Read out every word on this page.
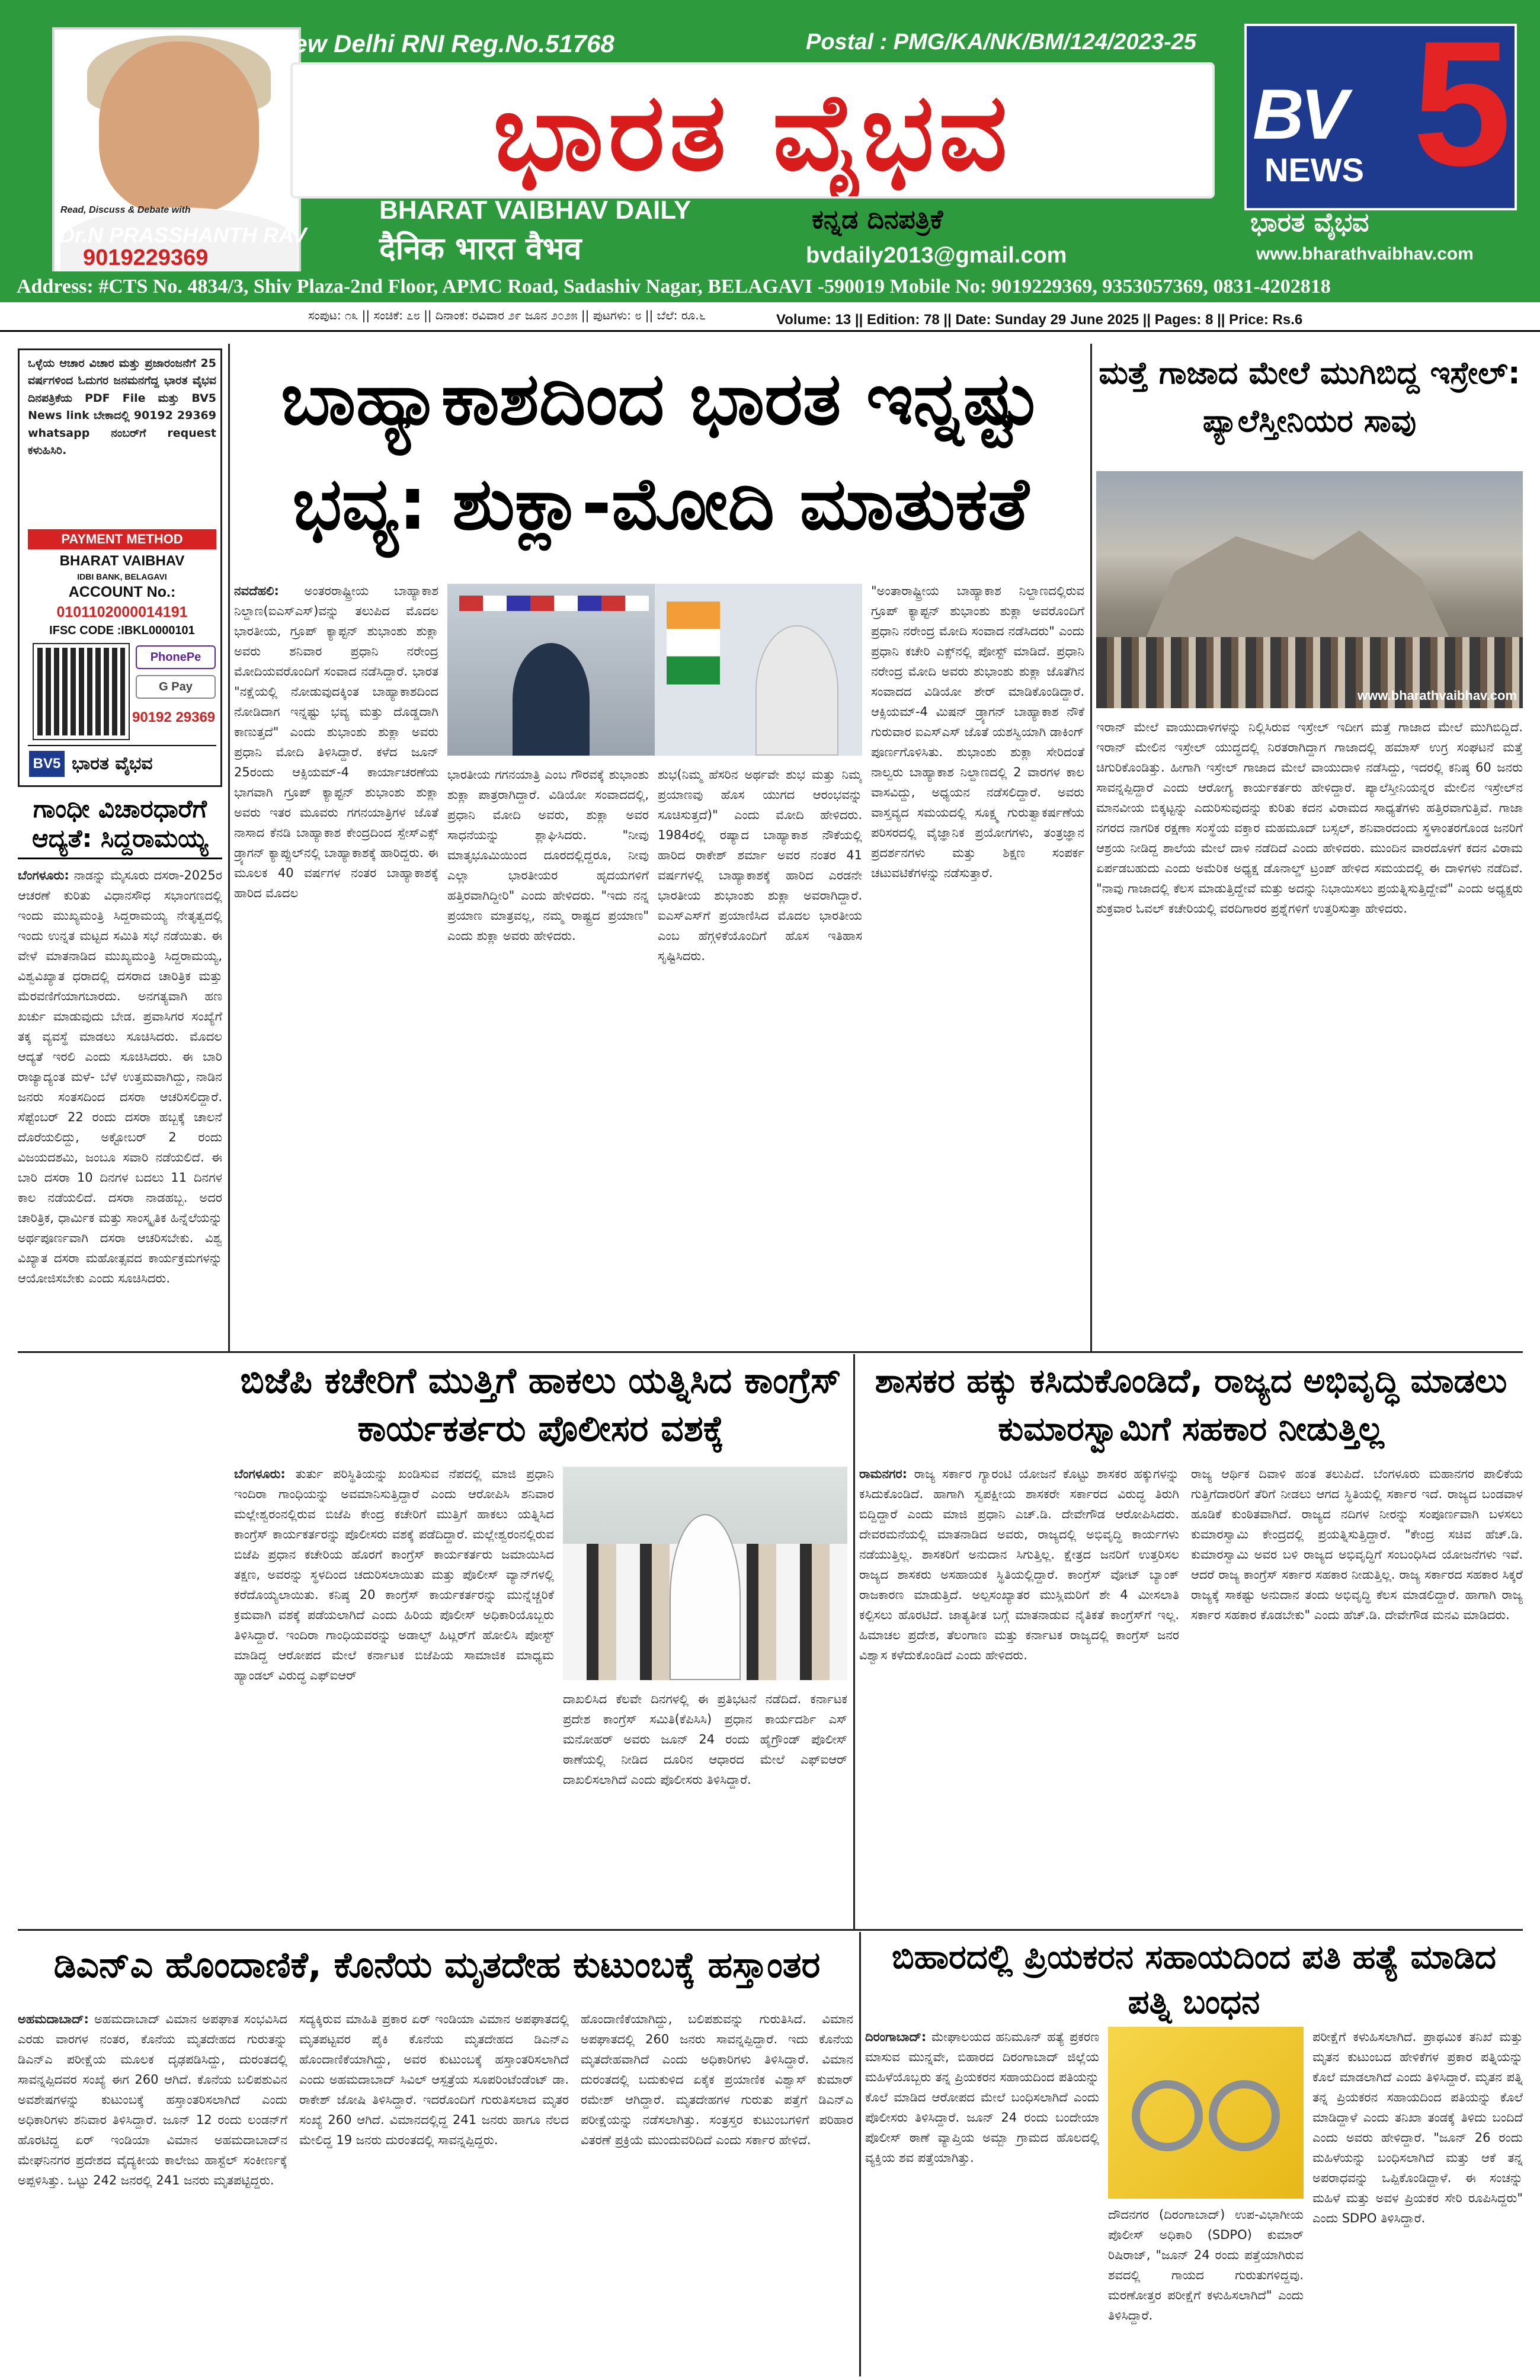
Read, Discuss & Debate with
Dr.N PRASSHANTH RAV
9019229369
New Delhi RNI Reg.No.51768	Postal : PMG/KA/NK/BM/124/2023-25
ಭಾರತ ವೈಭವ
BHARAT VAIBHAV DAILY
दैनिक भारत वैभव
ಕನ್ನಡ ದಿನಪತ್ರಿಕೆ
bvdaily2013@gmail.com
5
BV
NEWS
ಭಾರತ ವೈಭವ
www.bharathvaibhav.com
Address: #CTS No. 4834/3, Shiv Plaza-2nd Floor, APMC Road, Sadashiv Nagar, BELAGAVI -590019 Mobile No: 9019229369, 9353057369, 0831-4202818
ಸಂಪುಟ: ೧೩ || ಸಂಚಿಕೆ: ೭೮ || ದಿನಾಂಕ: ರವಿವಾರ ೨೯ ಜೂನ ೨೦೨೫ || ಪುಟಗಳು: ೮ || ಬೆಲೆ: ರೂ.೬	Volume: 13 || Edition: 78 || Date: Sunday 29 June 2025 || Pages: 8 || Price: Rs.6
ಒಳ್ಳೆಯ ಆಚಾರ ವಿಚಾರ ಮತ್ತು ಪ್ರಜಾರಂಜನೆಗೆ 25 ವರ್ಷಗಳಿಂದ ಓದುಗರ ಜನಮನಗೆದ್ದ ಭಾರತ ವೈಭವ ದಿನಪತ್ರಿಕೆಯ PDF File ಮತ್ತು BV5 News link ಬೇಕಾದಲ್ಲಿ 90192 29369 whatsapp ನಂಬರ್‌ಗೆ request ಕಳುಹಿಸಿರಿ.
PAYMENT METHOD
BHARAT VAIBHAV
IDBI BANK, BELAGAVI
ACCOUNT No.:
0101102000014191
IFSC CODE :IBKL0000101
PhonePe
G Pay
90192 29369
BV5 ಭಾರತ ವೈಭವ
ಗಾಂಧೀ ವಿಚಾರಧಾರೆಗೆ ಆದ್ಯತೆ: ಸಿದ್ದರಾಮಯ್ಯ
ಬೆಂಗಳೂರು: ನಾಡನ್ನು ಮೈಸೂರು ದಸರಾ-2025ರ ಆಚರಣೆ ಕುರಿತು ವಿಧಾನಸೌಧ ಸಭಾಂಗಣದಲ್ಲಿ ಇಂದು ಮುಖ್ಯಮಂತ್ರಿ ಸಿದ್ದರಾಮಯ್ಯ ನೇತೃತ್ವದಲ್ಲಿ ಇಂದು ಉನ್ನತ ಮಟ್ಟದ ಸಮಿತಿ ಸಭೆ ನಡೆಯಿತು. ಈ ವೇಳೆ ಮಾತನಾಡಿದ ಮುಖ್ಯಮಂತ್ರಿ ಸಿದ್ದರಾಮಯ್ಯ, ವಿಶ್ವವಿಖ್ಯಾತ ಧರಾದಲ್ಲಿ ದಸರಾದ ಚಾರಿತ್ರಿಕ ಮತ್ತು ಮೆರವಣಿಗೆಯಾಗಬಾರದು. ಅನಗತ್ಯವಾಗಿ ಹಣ ಖರ್ಚು ಮಾಡುವುದು ಬೇಡ. ಪ್ರವಾಸಿಗರ ಸಂಖ್ಯೆಗೆ ತಕ್ಕ ವ್ಯವಸ್ಥೆ ಮಾಡಲು ಸೂಚಿಸಿದರು. ಮೊದಲ ಆದ್ಯತೆ ಇರಲಿ ಎಂದು ಸೂಚಿಸಿದರು. ಈ ಬಾರಿ ರಾಜ್ಯಾದ್ಯಂತ ಮಳೆ- ಬೆಳೆ ಉತ್ತಮವಾಗಿದ್ದು, ನಾಡಿನ ಜನರು ಸಂತಸದಿಂದ ದಸರಾ ಆಚರಿಸಲಿದ್ದಾರೆ. ಸೆಪ್ಟೆಂಬರ್ 22 ರಂದು ದಸರಾ ಹಬ್ಬಕ್ಕೆ ಚಾಲನೆ ದೊರೆಯಲಿದ್ದು, ಅಕ್ಟೋಬರ್ 2 ರಂದು ವಿಜಯದಶಮಿ, ಜಂಬೂ ಸವಾರಿ ನಡೆಯಲಿದೆ. ಈ ಬಾರಿ ದಸರಾ 10 ದಿನಗಳ ಬದಲು 11 ದಿನಗಳ ಕಾಲ ನಡೆಯಲಿದೆ. ದಸರಾ ನಾಡಹಬ್ಬ. ಅದರ ಚಾರಿತ್ರಿಕ, ಧಾರ್ಮಿಕ ಮತ್ತು ಸಾಂಸ್ಕೃತಿಕ ಹಿನ್ನೆಲೆಯನ್ನು ಅರ್ಥಪೂರ್ಣವಾಗಿ ದಸರಾ ಆಚರಿಸಬೇಕು. ವಿಶ್ವ ವಿಖ್ಯಾತ ದಸರಾ ಮಹೋತ್ಸವದ ಕಾರ್ಯಕ್ರಮಗಳನ್ನು ಆಯೋಜಿಸಬೇಕು ಎಂದು ಸೂಚಿಸಿದರು.
ಬಾಹ್ಯಾಕಾಶದಿಂದ ಭಾರತ ಇನ್ನಷ್ಟು ಭವ್ಯ: ಶುಕ್ಲಾ-ಮೋದಿ ಮಾತುಕತೆ
ನವದೆಹಲಿ: ಅಂತರರಾಷ್ಟ್ರೀಯ ಬಾಹ್ಯಾಕಾಶ ನಿಲ್ದಾಣ(ಐಎಸ್‌ಎಸ್)ವನ್ನು ತಲುಪಿದ ಮೊದಲ ಭಾರತೀಯ, ಗ್ರೂಪ್ ಕ್ಯಾಪ್ಟನ್ ಶುಭಾಂಶು ಶುಕ್ಲಾ ಅವರು ಶನಿವಾರ ಪ್ರಧಾನಿ ನರೇಂದ್ರ ಮೋದಿಯವರೊಂದಿಗೆ ಸಂವಾದ ನಡೆಸಿದ್ದಾರೆ. ಭಾರತ "ನಕ್ಷೆಯಲ್ಲಿ ನೋಡುವುದಕ್ಕಿಂತ ಬಾಹ್ಯಾಕಾಶದಿಂದ ನೋಡಿದಾಗ ಇನ್ನಷ್ಟು ಭವ್ಯ ಮತ್ತು ದೊಡ್ಡದಾಗಿ ಕಾಣುತ್ತದೆ" ಎಂದು ಶುಭಾಂಶು ಶುಕ್ಲಾ ಅವರು ಪ್ರಧಾನಿ ಮೋದಿ ತಿಳಿಸಿದ್ದಾರೆ. ಕಳೆದ ಜೂನ್ 25ರಂದು ಆಕ್ಸಿಯಮ್-4 ಕಾರ್ಯಾಚರಣೆಯ ಭಾಗವಾಗಿ ಗ್ರೂಪ್ ಕ್ಯಾಪ್ಟನ್ ಶುಭಾಂಶು ಶುಕ್ಲಾ ಅವರು ಇತರ ಮೂವರು ಗಗನಯಾತ್ರಿಗಳ ಜೊತೆ ನಾಸಾದ ಕೆನಡಿ ಬಾಹ್ಯಾಕಾಶ ಕೇಂದ್ರದಿಂದ ಸ್ಪೇಸ್‌ಎಕ್ಸ್ ಡ್ರ್ಯಾಗನ್ ಕ್ಯಾಪ್ಸುಲ್‌ನಲ್ಲಿ ಬಾಹ್ಯಾಕಾಶಕ್ಕೆ ಹಾರಿದ್ದರು. ಈ ಮೂಲಕ 40 ವರ್ಷಗಳ ನಂತರ ಬಾಹ್ಯಾಕಾಶಕ್ಕೆ ಹಾರಿದ ಮೊದಲ
ಭಾರತೀಯ ಗಗನಯಾತ್ರಿ ಎಂಬ ಗೌರವಕ್ಕೆ ಶುಭಾಂಶು ಶುಕ್ಲಾ ಪಾತ್ರರಾಗಿದ್ದಾರೆ. ವಿಡಿಯೋ ಸಂವಾದದಲ್ಲಿ, ಪ್ರಧಾನಿ ಮೋದಿ ಅವರು, ಶುಕ್ಲಾ ಅವರ ಸಾಧನೆಯನ್ನು ಶ್ಲಾಘಿಸಿದರು. "ನೀವು ಮಾತೃಭೂಮಿಯಿಂದ ದೂರದಲ್ಲಿದ್ದರೂ, ನೀವು ಎಲ್ಲಾ ಭಾರತೀಯರ ಹೃದಯಗಳಿಗೆ ಹತ್ತಿರವಾಗಿದ್ದೀರಿ" ಎಂದು ಹೇಳಿದರು. "ಇದು ನನ್ನ ಪ್ರಯಾಣ ಮಾತ್ರವಲ್ಲ, ನಮ್ಮ ರಾಷ್ಟ್ರದ ಪ್ರಯಾಣ" ಎಂದು ಶುಕ್ಲಾ ಅವರು ಹೇಳಿದರು.
ಶುಭ(ನಿಮ್ಮ ಹೆಸರಿನ ಅರ್ಥವೇ ಶುಭ ಮತ್ತು ನಿಮ್ಮ ಪ್ರಯಾಣವು ಹೊಸ ಯುಗದ ಆರಂಭವನ್ನು ಸೂಚಿಸುತ್ತದೆ)" ಎಂದು ಮೋದಿ ಹೇಳಿದರು. 1984ರಲ್ಲಿ ರಷ್ಯಾದ ಬಾಹ್ಯಾಕಾಶ ನೌಕೆಯಲ್ಲಿ ಹಾರಿದ ರಾಕೇಶ್ ಶರ್ಮಾ ಅವರ ನಂತರ 41 ವರ್ಷಗಳಲ್ಲಿ ಬಾಹ್ಯಾಕಾಶಕ್ಕೆ ಹಾರಿದ ಎರಡನೇ ಭಾರತೀಯ ಶುಭಾಂಶು ಶುಕ್ಲಾ ಅವರಾಗಿದ್ದಾರೆ. ಐಎಸ್‌ಎಸ್‌ಗೆ ಪ್ರಯಾಣಿಸಿದ ಮೊದಲ ಭಾರತೀಯ ಎಂಬ ಹೆಗ್ಗಳಿಕೆಯೊಂದಿಗೆ ಹೊಸ ಇತಿಹಾಸ ಸೃಷ್ಟಿಸಿದರು.
"ಅಂತಾರಾಷ್ಟ್ರೀಯ ಬಾಹ್ಯಾಕಾಶ ನಿಲ್ದಾಣದಲ್ಲಿರುವ ಗ್ರೂಪ್ ಕ್ಯಾಪ್ಟನ್ ಶುಭಾಂಶು ಶುಕ್ಲಾ ಅವರೊಂದಿಗೆ ಪ್ರಧಾನಿ ನರೇಂದ್ರ ಮೋದಿ ಸಂವಾದ ನಡೆಸಿದರು" ಎಂದು ಪ್ರಧಾನಿ ಕಚೇರಿ ಎಕ್ಸ್‌ನಲ್ಲಿ ಪೋಸ್ಟ್ ಮಾಡಿದೆ. ಪ್ರಧಾನಿ ನರೇಂದ್ರ ಮೋದಿ ಅವರು ಶುಭಾಂಶು ಶುಕ್ಲಾ ಜೊತೆಗಿನ ಸಂವಾದದ ವಿಡಿಯೋ ಶೇರ್ ಮಾಡಿಕೊಂಡಿದ್ದಾರೆ. ಆಕ್ಸಿಯಮ್-4 ಮಿಷನ್ ಡ್ರ್ಯಾಗನ್ ಬಾಹ್ಯಾಕಾಶ ನೌಕೆ ಗುರುವಾರ ಐಎಸ್‌ಎಸ್ ಜೊತೆ ಯಶಸ್ವಿಯಾಗಿ ಡಾಕಿಂಗ್ ಪೂರ್ಣಗೊಳಿಸಿತು. ಶುಭಾಂಶು ಶುಕ್ಲಾ ಸೇರಿದಂತೆ ನಾಲ್ವರು ಬಾಹ್ಯಾಕಾಶ ನಿಲ್ದಾಣದಲ್ಲಿ 2 ವಾರಗಳ ಕಾಲ ವಾಸವಿದ್ದು, ಅಧ್ಯಯನ ನಡೆಸಲಿದ್ದಾರೆ. ಅವರು ವಾಸ್ತವ್ಯದ ಸಮಯದಲ್ಲಿ ಸೂಕ್ಷ್ಮ ಗುರುತ್ವಾಕರ್ಷಣೆಯ ಪರಿಸರದಲ್ಲಿ ವೈಜ್ಞಾನಿಕ ಪ್ರಯೋಗಗಳು, ತಂತ್ರಜ್ಞಾನ ಪ್ರದರ್ಶನಗಳು ಮತ್ತು ಶಿಕ್ಷಣ ಸಂಪರ್ಕ ಚಟುವಟಿಕೆಗಳನ್ನು ನಡೆಸುತ್ತಾರೆ.
ಮತ್ತೆ ಗಾಜಾದ ಮೇಲೆ ಮುಗಿಬಿದ್ದ ಇಸ್ರೇಲ್: ಪ್ಯಾಲೆಸ್ತೀನಿಯರ ಸಾವು
www.bharathvaibhav.com
ಇರಾನ್ ಮೇಲೆ ವಾಯುದಾಳಿಗಳನ್ನು ನಿಲ್ಲಿಸಿರುವ ಇಸ್ರೇಲ್ ಇದೀಗ ಮತ್ತೆ ಗಾಜಾದ ಮೇಲೆ ಮುಗಿಬಿದ್ದಿದೆ. ಇರಾನ್ ಮೇಲಿನ ಇಸ್ರೇಲ್ ಯುದ್ಧದಲ್ಲಿ ನಿರತರಾಗಿದ್ದಾಗ ಗಾಜಾದಲ್ಲಿ ಹಮಾಸ್ ಉಗ್ರ ಸಂಘಟನೆ ಮತ್ತೆ ಚಿಗುರಿಕೊಂಡಿತ್ತು. ಹೀಗಾಗಿ ಇಸ್ರೇಲ್ ಗಾಜಾದ ಮೇಲೆ ವಾಯುದಾಳಿ ನಡೆಸಿದ್ದು, ಇದರಲ್ಲಿ ಕನಿಷ್ಠ 60 ಜನರು ಸಾವನ್ನಪ್ಪಿದ್ದಾರೆ ಎಂದು ಆರೋಗ್ಯ ಕಾರ್ಯಕರ್ತರು ಹೇಳಿದ್ದಾರೆ. ಪ್ಯಾಲೆಸ್ತೀನಿಯನ್ನರ ಮೇಲಿನ ಇಸ್ರೇಲ್‌ನ ಮಾನವೀಯ ಬಿಕ್ಕಟ್ಟನ್ನು ಎದುರಿಸುವುದನ್ನು ಕುರಿತು ಕದನ ವಿರಾಮದ ಸಾಧ್ಯತೆಗಳು ಹತ್ತಿರವಾಗುತ್ತಿವೆ. ಗಾಜಾ ನಗರದ ನಾಗರಿಕ ರಕ್ಷಣಾ ಸಂಸ್ಥೆಯ ವಕ್ತಾರ ಮಹಮೂದ್ ಬಸ್ಸಲ್, ಶನಿವಾರದಂದು ಸ್ಥಳಾಂತರಗೊಂಡ ಜನರಿಗೆ ಆಶ್ರಯ ನೀಡಿದ್ದ ಶಾಲೆಯ ಮೇಲೆ ದಾಳಿ ನಡೆದಿದೆ ಎಂದು ಹೇಳಿದರು. ಮುಂದಿನ ವಾರದೊಳಗೆ ಕದನ ವಿರಾಮ ಏರ್ಪಡಬಹುದು ಎಂದು ಅಮೆರಿಕ ಅಧ್ಯಕ್ಷ ಡೊನಾಲ್ಡ್ ಟ್ರಂಪ್ ಹೇಳಿದ ಸಮಯದಲ್ಲಿ ಈ ದಾಳಿಗಳು ನಡೆದಿವೆ. "ನಾವು ಗಾಜಾದಲ್ಲಿ ಕೆಲಸ ಮಾಡುತ್ತಿದ್ದೇವೆ ಮತ್ತು ಅದನ್ನು ನಿಭಾಯಿಸಲು ಪ್ರಯತ್ನಿಸುತ್ತಿದ್ದೇವೆ" ಎಂದು ಅಧ್ಯಕ್ಷರು ಶುಕ್ರವಾರ ಓವಲ್ ಕಚೇರಿಯಲ್ಲಿ ವರದಿಗಾರರ ಪ್ರಶ್ನೆಗಳಿಗೆ ಉತ್ತರಿಸುತ್ತಾ ಹೇಳಿದರು.
ಬಿಜೆಪಿ ಕಚೇರಿಗೆ ಮುತ್ತಿಗೆ ಹಾಕಲು ಯತ್ನಿಸಿದ ಕಾಂಗ್ರೆಸ್ ಕಾರ್ಯಕರ್ತರು ಪೊಲೀಸರ ವಶಕ್ಕೆ
ಬೆಂಗಳೂರು: ತುರ್ತು ಪರಿಸ್ಥಿತಿಯನ್ನು ಖಂಡಿಸುವ ನೆಪದಲ್ಲಿ ಮಾಜಿ ಪ್ರಧಾನಿ ಇಂದಿರಾ ಗಾಂಧಿಯನ್ನು ಅವಮಾನಿಸುತ್ತಿದ್ದಾರೆ ಎಂದು ಆರೋಪಿಸಿ ಶನಿವಾರ ಮಲ್ಲೇಶ್ವರಂನಲ್ಲಿರುವ ಬಿಜೆಪಿ ಕೇಂದ್ರ ಕಚೇರಿಗೆ ಮುತ್ತಿಗೆ ಹಾಕಲು ಯತ್ನಿಸಿದ ಕಾಂಗ್ರೆಸ್ ಕಾರ್ಯಕರ್ತರನ್ನು ಪೊಲೀಸರು ವಶಕ್ಕೆ ಪಡೆದಿದ್ದಾರೆ. ಮಲ್ಲೇಶ್ವರಂನಲ್ಲಿರುವ ಬಿಜೆಪಿ ಪ್ರಧಾನ ಕಚೇರಿಯ ಹೊರಗೆ ಕಾಂಗ್ರೆಸ್ ಕಾರ್ಯಕರ್ತರು ಜಮಾಯಿಸಿದ ತಕ್ಷಣ, ಅವರನ್ನು ಸ್ಥಳದಿಂದ ಚದುರಿಸಲಾಯಿತು ಮತ್ತು ಪೊಲೀಸ್ ವ್ಯಾನ್‌ಗಳಲ್ಲಿ ಕರೆದೊಯ್ಯಲಾಯಿತು. ಕನಿಷ್ಠ 20 ಕಾಂಗ್ರೆಸ್ ಕಾರ್ಯಕರ್ತರನ್ನು ಮುನ್ನೆಚ್ಚರಿಕೆ ಕ್ರಮವಾಗಿ ವಶಕ್ಕೆ ಪಡೆಯಲಾಗಿದೆ ಎಂದು ಹಿರಿಯ ಪೊಲೀಸ್ ಅಧಿಕಾರಿಯೊಬ್ಬರು ತಿಳಿಸಿದ್ದಾರೆ. ಇಂದಿರಾ ಗಾಂಧಿಯವರನ್ನು ಅಡಾಲ್ಫ್ ಹಿಟ್ಲರ್‌ಗೆ ಹೋಲಿಸಿ ಪೋಸ್ಟ್ ಮಾಡಿದ್ದ ಆರೋಪದ ಮೇಲೆ ಕರ್ನಾಟಕ ಬಿಜೆಪಿಯ ಸಾಮಾಜಿಕ ಮಾಧ್ಯಮ ಹ್ಯಾಂಡಲ್ ವಿರುದ್ಧ ಎಫ್‌ಐಆರ್
ದಾಖಲಿಸಿದ ಕೆಲವೇ ದಿನಗಳಲ್ಲಿ ಈ ಪ್ರತಿಭಟನೆ ನಡೆದಿದೆ. ಕರ್ನಾಟಕ ಪ್ರದೇಶ ಕಾಂಗ್ರೆಸ್ ಸಮಿತಿ(ಕೆಪಿಸಿಸಿ) ಪ್ರಧಾನ ಕಾರ್ಯದರ್ಶಿ ಎಸ್ ಮನೋಹರ್ ಅವರು ಜೂನ್ 24 ರಂದು ಹೈಗ್ರೌಂಡ್ ಪೊಲೀಸ್ ಠಾಣೆಯಲ್ಲಿ ನೀಡಿದ ದೂರಿನ ಆಧಾರದ ಮೇಲೆ ಎಫ್‌ಐಆರ್ ದಾಖಲಿಸಲಾಗಿದೆ ಎಂದು ಪೊಲೀಸರು ತಿಳಿಸಿದ್ದಾರೆ.
ಶಾಸಕರ ಹಕ್ಕು ಕಸಿದುಕೊಂಡಿದೆ, ರಾಜ್ಯದ ಅಭಿವೃದ್ಧಿ ಮಾಡಲು ಕುಮಾರಸ್ವಾಮಿಗೆ ಸಹಕಾರ ನೀಡುತ್ತಿಲ್ಲ
ರಾಮನಗರ: ರಾಜ್ಯ ಸರ್ಕಾರ ಗ್ಯಾರಂಟಿ ಯೋಜನೆ ಕೊಟ್ಟು ಶಾಸಕರ ಹಕ್ಕುಗಳನ್ನು ಕಸಿದುಕೊಂಡಿದೆ. ಹಾಗಾಗಿ ಸ್ವಪಕ್ಷೀಯ ಶಾಸಕರೇ ಸರ್ಕಾರದ ವಿರುದ್ಧ ತಿರುಗಿ ಬಿದ್ದಿದ್ದಾರೆ ಎಂದು ಮಾಜಿ ಪ್ರಧಾನಿ ಎಚ್.ಡಿ. ದೇವೇಗೌಡ ಆರೋಪಿಸಿದರು. ದೇವರಮನೆಯಲ್ಲಿ ಮಾತನಾಡಿದ ಅವರು, ರಾಜ್ಯದಲ್ಲಿ ಅಭಿವೃದ್ಧಿ ಕಾರ್ಯಗಳು ನಡೆಯುತ್ತಿಲ್ಲ. ಶಾಸಕರಿಗೆ ಅನುದಾನ ಸಿಗುತ್ತಿಲ್ಲ. ಕ್ಷೇತ್ರದ ಜನರಿಗೆ ಉತ್ತರಿಸಲ ರಾಜ್ಯದ ಶಾಸಕರು ಅಸಹಾಯಕ ಸ್ಥಿತಿಯಲ್ಲಿದ್ದಾರೆ. ಕಾಂಗ್ರೆಸ್ ವೋಟ್ ಬ್ಯಾಂಕ್ ರಾಜಕಾರಣ ಮಾಡುತ್ತಿದೆ. ಅಲ್ಪಸಂಖ್ಯಾತರ ಮುಸ್ಲಿಮರಿಗೆ ಶೇ 4 ಮೀಸಲಾತಿ ಕಲ್ಪಿಸಲು ಹೊರಟಿದೆ. ಜಾತ್ಯತೀತ ಬಗ್ಗೆ ಮಾತನಾಡುವ ನೈತಿಕತೆ ಕಾಂಗ್ರೆಸ್‌ಗೆ ಇಲ್ಲ. ಹಿಮಾಚಲ ಪ್ರದೇಶ, ತೆಲಂಗಾಣ ಮತ್ತು ಕರ್ನಾಟಕ ರಾಜ್ಯದಲ್ಲಿ ಕಾಂಗ್ರೆಸ್ ಜನರ ವಿಶ್ವಾಸ ಕಳೆದುಕೊಂಡಿದೆ ಎಂದು ಹೇಳಿದರು.
ರಾಜ್ಯ ಆರ್ಥಿಕ ದಿವಾಳಿ ಹಂತ ತಲುಪಿದೆ. ಬೆಂಗಳೂರು ಮಹಾನಗರ ಪಾಲಿಕೆಯ ಗುತ್ತಿಗೆದಾರರಿಗೆ ತೆರಿಗೆ ನೀಡಲು ಆಗದ ಸ್ಥಿತಿಯಲ್ಲಿ ಸರ್ಕಾರ ಇದೆ. ರಾಜ್ಯದ ಬಂಡವಾಳ ಹೂಡಿಕೆ ಕುಂಠಿತವಾಗಿದೆ. ರಾಜ್ಯದ ನದಿಗಳ ನೀರನ್ನು ಸಂಪೂರ್ಣವಾಗಿ ಬಳಸಲು ಕುಮಾರಸ್ವಾಮಿ ಕೇಂದ್ರದಲ್ಲಿ ಪ್ರಯತ್ನಿಸುತ್ತಿದ್ದಾರೆ. "ಕೇಂದ್ರ ಸಚಿವ ಹೆಚ್.ಡಿ. ಕುಮಾರಸ್ವಾಮಿ ಅವರ ಬಳಿ ರಾಜ್ಯದ ಅಭಿವೃದ್ಧಿಗೆ ಸಂಬಂಧಿಸಿದ ಯೋಜನೆಗಳು ಇವೆ. ಆದರೆ ರಾಜ್ಯ ಕಾಂಗ್ರೆಸ್ ಸರ್ಕಾರ ಸಹಕಾರ ನೀಡುತ್ತಿಲ್ಲ. ರಾಜ್ಯ ಸರ್ಕಾರದ ಸಹಕಾರ ಸಿಕ್ಕರೆ ರಾಜ್ಯಕ್ಕೆ ಸಾಕಷ್ಟು ಅನುದಾನ ತಂದು ಅಭಿವೃದ್ಧಿ ಕೆಲಸ ಮಾಡಲಿದ್ದಾರೆ. ಹಾಗಾಗಿ ರಾಜ್ಯ ಸರ್ಕಾರ ಸಹಕಾರ ಕೊಡಬೇಕು" ಎಂದು ಹೆಚ್.ಡಿ. ದೇವೇಗೌಡ ಮನವಿ ಮಾಡಿದರು.
ಡಿಎನ್‌ಎ ಹೊಂದಾಣಿಕೆ, ಕೊನೆಯ ಮೃತದೇಹ ಕುಟುಂಬಕ್ಕೆ ಹಸ್ತಾಂತರ
ಅಹಮದಾಬಾದ್: ಅಹಮದಾಬಾದ್ ವಿಮಾನ ಅಪಘಾತ ಸಂಭವಿಸಿದ ಎರಡು ವಾರಗಳ ನಂತರ, ಕೊನೆಯ ಮೃತದೇಹದ ಗುರುತನ್ನು ಡಿಎನ್‌ಎ ಪರೀಕ್ಷೆಯ ಮೂಲಕ ದೃಢಪಡಿಸಿದ್ದು, ದುರಂತದಲ್ಲಿ ಸಾವನ್ನಪ್ಪಿದವರ ಸಂಖ್ಯೆ ಈಗ 260 ಆಗಿದೆ. ಕೊನೆಯ ಬಲಿಪಶುವಿನ ಅವಶೇಷಗಳನ್ನು ಕುಟುಂಬಕ್ಕೆ ಹಸ್ತಾಂತರಿಸಲಾಗಿದೆ ಎಂದು ಅಧಿಕಾರಿಗಳು ಶನಿವಾರ ತಿಳಿಸಿದ್ದಾರೆ. ಜೂನ್ 12 ರಂದು ಲಂಡನ್‌ಗೆ ಹೊರಟಿದ್ದ ಏರ್ ಇಂಡಿಯಾ ವಿಮಾನ ಅಹಮದಾಬಾದ್‌ನ ಮೇಘನಿನಗರ ಪ್ರದೇಶದ ವೈದ್ಯಕೀಯ ಕಾಲೇಜು ಹಾಸ್ಟೆಲ್ ಸಂಕೀರ್ಣಕ್ಕೆ ಅಪ್ಪಳಿಸಿತ್ತು. ಒಟ್ಟು 242 ಜನರಲ್ಲಿ 241 ಜನರು ಮೃತಪಟ್ಟಿದ್ದರು.
ಸದ್ಯಕ್ಕಿರುವ ಮಾಹಿತಿ ಪ್ರಕಾರ ಏರ್ ಇಂಡಿಯಾ ವಿಮಾನ ಅಪಘಾತದಲ್ಲಿ ಮೃತಪಟ್ಟವರ ಪೈಕಿ ಕೊನೆಯ ಮೃತದೇಹದ ಡಿಎನ್‌ಎ ಹೊಂದಾಣಿಕೆಯಾಗಿದ್ದು, ಅವರ ಕುಟುಂಬಕ್ಕೆ ಹಸ್ತಾಂತರಿಸಲಾಗಿದೆ ಎಂದು ಅಹಮದಾಬಾದ್ ಸಿವಿಲ್ ಆಸ್ಪತ್ರೆಯ ಸೂಪರಿಂಟೆಂಡೆಂಟ್ ಡಾ. ರಾಕೇಶ್ ಜೋಷಿ ತಿಳಿಸಿದ್ದಾರೆ. ಇದರೊಂದಿಗೆ ಗುರುತಿಸಲಾದ ಮೃತರ ಸಂಖ್ಯೆ 260 ಆಗಿದೆ. ವಿಮಾನದಲ್ಲಿದ್ದ 241 ಜನರು ಹಾಗೂ ನೆಲದ ಮೇಲಿದ್ದ 19 ಜನರು ದುರಂತದಲ್ಲಿ ಸಾವನ್ನಪ್ಪಿದ್ದರು.
ಹೊಂದಾಣಿಕೆಯಾಗಿದ್ದು, ಬಲಿಪಶುವನ್ನು ಗುರುತಿಸಿದೆ. ವಿಮಾನ ಅಪಘಾತದಲ್ಲಿ 260 ಜನರು ಸಾವನ್ನಪ್ಪಿದ್ದಾರೆ. ಇದು ಕೊನೆಯ ಮೃತದೇಹವಾಗಿದೆ ಎಂದು ಅಧಿಕಾರಿಗಳು ತಿಳಿಸಿದ್ದಾರೆ. ವಿಮಾನ ದುರಂತದಲ್ಲಿ ಬದುಕುಳಿದ ಏಕೈಕ ಪ್ರಯಾಣಿಕ ವಿಶ್ವಾಸ್ ಕುಮಾರ್ ರಮೇಶ್ ಆಗಿದ್ದಾರೆ. ಮೃತದೇಹಗಳ ಗುರುತು ಪತ್ತೆಗೆ ಡಿಎನ್‌ಎ ಪರೀಕ್ಷೆಯನ್ನು ನಡೆಸಲಾಗಿತ್ತು. ಸಂತ್ರಸ್ತರ ಕುಟುಂಬಗಳಿಗೆ ಪರಿಹಾರ ವಿತರಣೆ ಪ್ರಕ್ರಿಯೆ ಮುಂದುವರಿದಿದೆ ಎಂದು ಸರ್ಕಾರ ಹೇಳಿದೆ.
ಬಿಹಾರದಲ್ಲಿ ಪ್ರಿಯಕರನ ಸಹಾಯದಿಂದ ಪತಿ ಹತ್ಯೆ ಮಾಡಿದ ಪತ್ನಿ ಬಂಧನ
ದಿರಂಗಾಬಾದ್: ಮೇಘಾಲಯದ ಹನಿಮೂನ್ ಹತ್ಯೆ ಪ್ರಕರಣ ಮಾಸುವ ಮುನ್ನವೇ, ಬಿಹಾರದ ದಿರಂಗಾಬಾದ್ ಜಿಲ್ಲೆಯ ಮಹಿಳೆಯೊಬ್ಬರು ತನ್ನ ಪ್ರಿಯಕರನ ಸಹಾಯದಿಂದ ಪತಿಯನ್ನು ಕೊಲೆ ಮಾಡಿದ ಆರೋಪದ ಮೇಲೆ ಬಂಧಿಸಲಾಗಿದೆ ಎಂದು ಪೊಲೀಸರು ತಿಳಿಸಿದ್ದಾರೆ. ಜೂನ್ 24 ರಂದು ಬಂದೇಯಾ ಪೊಲೀಸ್ ಠಾಣೆ ವ್ಯಾಪ್ತಿಯ ಅಮ್ಬಾ ಗ್ರಾಮದ ಹೊಲದಲ್ಲಿ ವ್ಯಕ್ತಿಯ ಶವ ಪತ್ತೆಯಾಗಿತ್ತು.
ದೌದನಗರ (ದಿರಂಗಾಬಾದ್) ಉಪ-ವಿಭಾಗೀಯ ಪೊಲೀಸ್ ಅಧಿಕಾರಿ (SDPO) ಕುಮಾರ್ ರಿಷಿರಾಜ್, "ಜೂನ್ 24 ರಂದು ಪತ್ತೆಯಾಗಿರುವ ಶವದಲ್ಲಿ ಗಾಯದ ಗುರುತುಗಳಿದ್ದವು. ಮರಣೋತ್ತರ ಪರೀಕ್ಷೆಗೆ ಕಳುಹಿಸಲಾಗಿದೆ" ಎಂದು ತಿಳಿಸಿದ್ದಾರೆ.
ಪರೀಕ್ಷೆಗೆ ಕಳುಹಿಸಲಾಗಿದೆ. ಪ್ರಾಥಮಿಕ ತನಿಖೆ ಮತ್ತು ಮೃತನ ಕುಟುಂಬದ ಹೇಳಿಕೆಗಳ ಪ್ರಕಾರ ಪತ್ನಿಯನ್ನು ಕೊಲೆ ಮಾಡಲಾಗಿದೆ ಎಂದು ತಿಳಿಸಿದ್ದಾರೆ. ಮೃತನ ಪತ್ನಿ ತನ್ನ ಪ್ರಿಯಕರನ ಸಹಾಯದಿಂದ ಪತಿಯನ್ನು ಕೊಲೆ ಮಾಡಿದ್ದಾಳೆ ಎಂದು ತನಿಖಾ ತಂಡಕ್ಕೆ ತಿಳಿದು ಬಂದಿದೆ ಎಂದು ಅವರು ಹೇಳಿದ್ದಾರೆ. "ಜೂನ್ 26 ರಂದು ಮಹಿಳೆಯನ್ನು ಬಂಧಿಸಲಾಗಿದೆ ಮತ್ತು ಆಕೆ ತನ್ನ ಅಪರಾಧವನ್ನು ಒಪ್ಪಿಕೊಂಡಿದ್ದಾಳೆ. ಈ ಸಂಚನ್ನು ಮಹಿಳೆ ಮತ್ತು ಅವಳ ಪ್ರಿಯಕರ ಸೇರಿ ರೂಪಿಸಿದ್ದರು" ಎಂದು SDPO ತಿಳಿಸಿದ್ದಾರೆ.
